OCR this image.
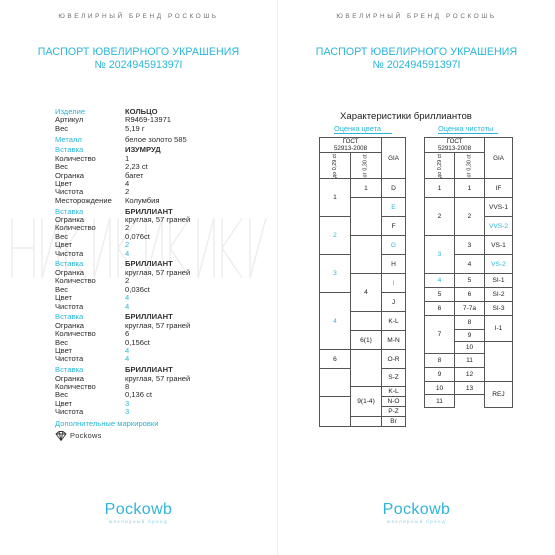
ЮВЕЛИРНЫЙ БРЕНД РОСКОШЬ
ПАСПОРТ ЮВЕЛИРНОГО УКРАШЕНИЯ
№ 202494591397I
Изделие	КОЛЬЦО
Артикул	R9469-13971
Вес	5,19 г
Металл	белое золото 585
Вставка	ИЗУМРУД
Количество	1
Вес	2,23 ct
Огранка	багет
Цвет	4
Чистота	2
Месторождение	Колумбия
Вставка	БРИЛЛИАНТ
Огранка	круглая, 57 граней
Количество	2
Вес	0,076ct
Цвет	2
Чистота	4
Вставка	БРИЛЛИАНТ
Огранка	круглая, 57 граней
Количество	2
Вес	0,036ct
Цвет	4
Чистота	4
Вставка	БРИЛЛИАНТ
Огранка	круглая, 57 граней
Количество	6
Вес	0,156ct
Цвет	4
Чистота	4
Вставка	БРИЛЛИАНТ
Огранка	круглая, 57 граней
Количество	8
Вес	0,136 ct
Цвет	3
Чистота	3
Дополнительные маркировки
Pockows
Pockowb
ювелирный бренд
ЮВЕЛИРНЫЙ БРЕНД РОСКОШЬ
ПАСПОРТ ЮВЕЛИРНОГО УКРАШЕНИЯ
№ 202494591397I
Характеристики бриллиантов
Оценка цвета	Оценка чистоты
ГОСТ
52913-2008		GIA
до 0,29 ct	от 0,30 ct	
1	1	D
		E
2		F
		G
3		H
	4	I
4		J
		K-L
	6(1)	M-N
6		O-R
		S-Z
	9(1-4)	K-L
		N-O
		P-Z
		Br
ГОСТ
52913-2008		GIA
до 0,29 ct	от 0,30 ct	
1	1	IF
2	2	VVS-1
		VVS-2
3	3	VS-1
	4	VS-2
4	5	SI-1
5	6	SI-2
6	7-7a	SI-3
7	8	I-1
	9	
	10	
8	11	
9	12	
10	13	REJ
11		
Pockowb
ювелирный бренд
